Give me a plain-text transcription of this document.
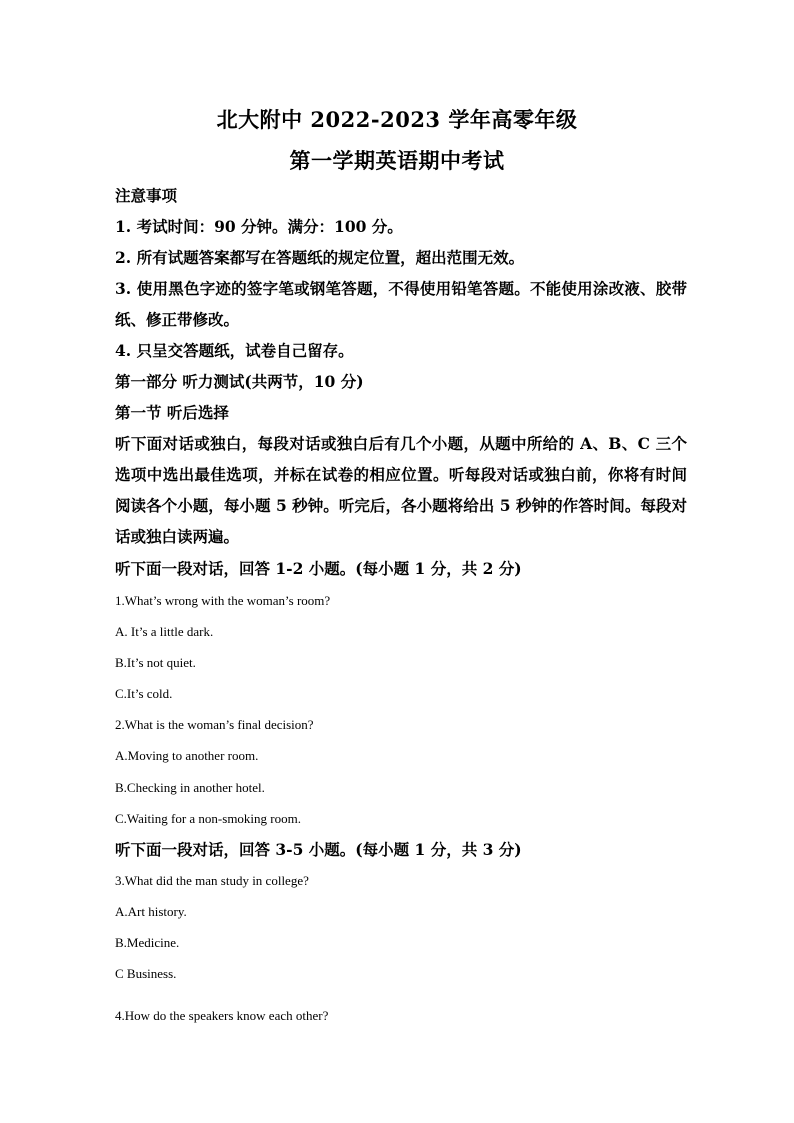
北大附中 2022-2023 学年高零年级
第一学期英语期中考试
注意事项
1. 考试时间：90 分钟。满分：100 分。
2. 所有试题答案都写在答题纸的规定位置，超出范围无效。
3. 使用黑色字迹的签字笔或钢笔答题，不得使用铅笔答题。不能使用涂改液、胶带纸、修正带修改。
4. 只呈交答题纸，试卷自己留存。
第一部分 听力测试(共两节，10 分)
第一节 听后选择
听下面对话或独白，每段对话或独白后有几个小题，从题中所给的 A、B、C 三个选项中选出最佳选项，并标在试卷的相应位置。听每段对话或独白前，你将有时间阅读各个小题，每小题 5 秒钟。听完后，各小题将给出 5 秒钟的作答时间。每段对话或独白读两遍。
听下面一段对话，回答 1-2 小题。(每小题 1 分，共 2 分)
1.What’s wrong with the woman’s room?
A. It’s a little dark.
B.It’s not quiet.
C.It’s cold.
2.What is the woman’s final decision?
A.Moving to another room.
B.Checking in another hotel.
C.Waiting for a non-smoking room.
听下面一段对话，回答 3-5 小题。(每小题 1 分，共 3 分)
3.What did the man study in college?
A.Art history.
B.Medicine.
C Business.
4.How do the speakers know each other?
